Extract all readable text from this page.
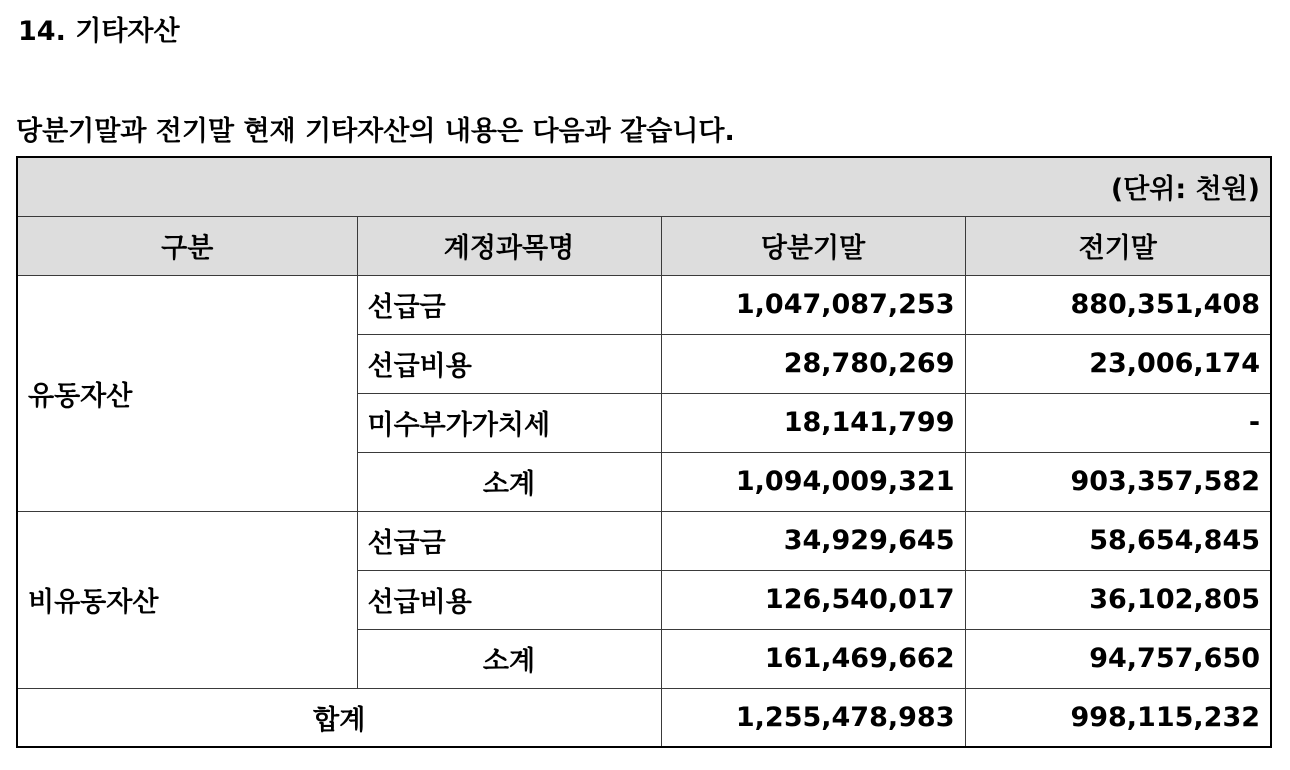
14. 기타자산
당분기말과 전기말 현재 기타자산의 내용은 다음과 같습니다.
(단위: 천원)			
구분	계정과목명	당분기말	전기말
유동자산	선급금	1,047,087,253	880,351,408
	선급비용	28,780,269	23,006,174
	미수부가가치세	18,141,799	-
	소계	1,094,009,321	903,357,582
비유동자산	선급금	34,929,645	58,654,845
	선급비용	126,540,017	36,102,805
	소계	161,469,662	94,757,650
합계		1,255,478,983	998,115,232
